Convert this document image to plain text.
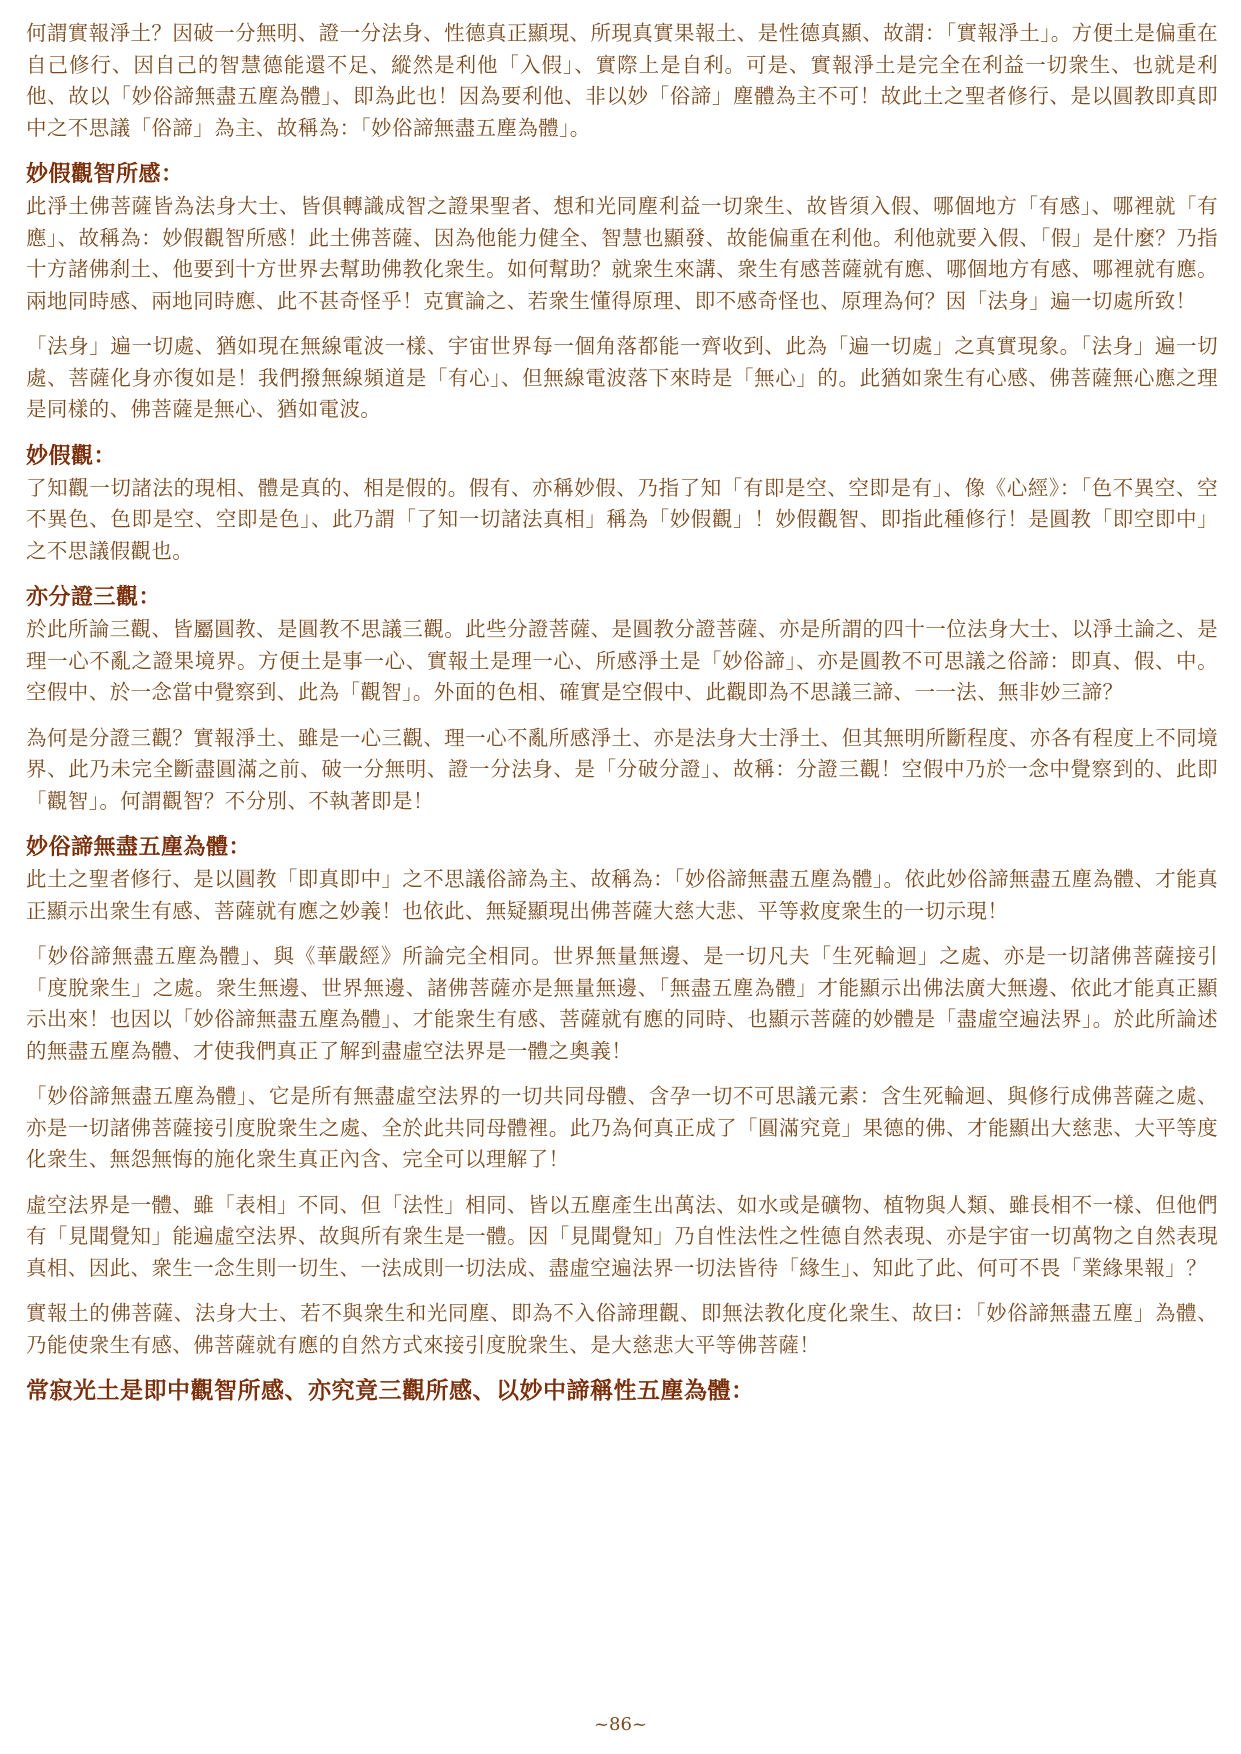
何謂實報淨土？因破一分無明、證一分法身、性德真正顯現、所現真實果報土、是性德真顯、故謂：「實報淨土」。方便土是偏重在自己修行、因自己的智慧德能還不足、縱然是利他「入假」、實際上是自利。可是、實報淨土是完全在利益一切衆生、也就是利他、故以「妙俗諦無盡五塵為體」、即為此也！因為要利他、非以妙「俗諦」塵體為主不可！故此土之聖者修行、是以圓教即真即中之不思議「俗諦」為主、故稱為：「妙俗諦無盡五塵為體」。

妙假觀智所感：

此淨土佛菩薩皆為法身大士、皆俱轉識成智之證果聖者、想和光同塵利益一切衆生、故皆須入假、哪個地方「有感」、哪裡就「有應」、故稱為：妙假觀智所感！此土佛菩薩、因為他能力健全、智慧也顯發、故能偏重在利他。利他就要入假、「假」是什麼？乃指十方諸佛刹土、他要到十方世界去幫助佛教化衆生。如何幫助？就衆生來講、衆生有感菩薩就有應、哪個地方有感、哪裡就有應。兩地同時感、兩地同時應、此不甚奇怪乎！克實論之、若衆生懂得原理、即不感奇怪也、原理為何？因「法身」遍一切處所致！

「法身」遍一切處、猶如現在無線電波一樣、宇宙世界每一個角落都能一齊收到、此為「遍一切處」之真實現象。「法身」遍一切處、菩薩化身亦復如是！我們撥無線頻道是「有心」、但無線電波落下來時是「無心」的。此猶如衆生有心感、佛菩薩無心應之理是同樣的、佛菩薩是無心、猶如電波。

妙假觀：

了知觀一切諸法的現相、體是真的、相是假的。假有、亦稱妙假、乃指了知「有即是空、空即是有」、像《心經》：「色不異空、空不異色、色即是空、空即是色」、此乃謂「了知一切諸法真相」稱為「妙假觀」！妙假觀智、即指此種修行！是圓教「即空即中」之不思議假觀也。

亦分證三觀：

於此所論三觀、皆屬圓教、是圓教不思議三觀。此些分證菩薩、是圓教分證菩薩、亦是所謂的四十一位法身大士、以淨土論之、是理一心不亂之證果境界。方便土是事一心、實報土是理一心、所感淨土是「妙俗諦」、亦是圓教不可思議之俗諦：即真、假、中。空假中、於一念當中覺察到、此為「觀智」。外面的色相、確實是空假中、此觀即為不思議三諦、一一法、無非妙三諦？

為何是分證三觀？實報淨土、雖是一心三觀、理一心不亂所感淨土、亦是法身大士淨土、但其無明所斷程度、亦各有程度上不同境界、此乃未完全斷盡圓滿之前、破一分無明、證一分法身、是「分破分證」、故稱：分證三觀！空假中乃於一念中覺察到的、此即「觀智」。何謂觀智？不分別、不執著即是！

妙俗諦無盡五塵為體：

此土之聖者修行、是以圓教「即真即中」之不思議俗諦為主、故稱為：「妙俗諦無盡五塵為體」。依此妙俗諦無盡五塵為體、才能真正顯示出衆生有感、菩薩就有應之妙義！也依此、無疑顯現出佛菩薩大慈大悲、平等救度衆生的一切示現！

「妙俗諦無盡五塵為體」、與《華嚴經》所論完全相同。世界無量無邊、是一切凡夫「生死輪迴」之處、亦是一切諸佛菩薩接引「度脫衆生」之處。衆生無邊、世界無邊、諸佛菩薩亦是無量無邊、「無盡五塵為體」才能顯示出佛法廣大無邊、依此才能真正顯示出來！也因以「妙俗諦無盡五塵為體」、才能衆生有感、菩薩就有應的同時、也顯示菩薩的妙體是「盡虛空遍法界」。於此所論述的無盡五塵為體、才使我們真正了解到盡虛空法界是一體之奧義！

「妙俗諦無盡五塵為體」、它是所有無盡虛空法界的一切共同母體、含孕一切不可思議元素：含生死輪迴、與修行成佛菩薩之處、亦是一切諸佛菩薩接引度脫衆生之處、全於此共同母體裡。此乃為何真正成了「圓滿究竟」果德的佛、才能顯出大慈悲、大平等度化衆生、無怨無悔的施化衆生真正內含、完全可以理解了！

虛空法界是一體、雖「表相」不同、但「法性」相同、皆以五塵產生出萬法、如水或是礦物、植物與人類、雖長相不一樣、但他們有「見聞覺知」能遍虛空法界、故與所有衆生是一體。因「見聞覺知」乃自性法性之性德自然表現、亦是宇宙一切萬物之自然表現真相、因此、衆生一念生則一切生、一法成則一切法成、盡虛空遍法界一切法皆待「緣生」、知此了此、何可不畏「業緣果報」？

實報土的佛菩薩、法身大士、若不與衆生和光同塵、即為不入俗諦理觀、即無法教化度化衆生、故曰：「妙俗諦無盡五塵」為體、乃能使衆生有感、佛菩薩就有應的自然方式來接引度脫衆生、是大慈悲大平等佛菩薩！

常寂光土是即中觀智所感、亦究竟三觀所感、以妙中諦稱性五塵為體：
~86~
